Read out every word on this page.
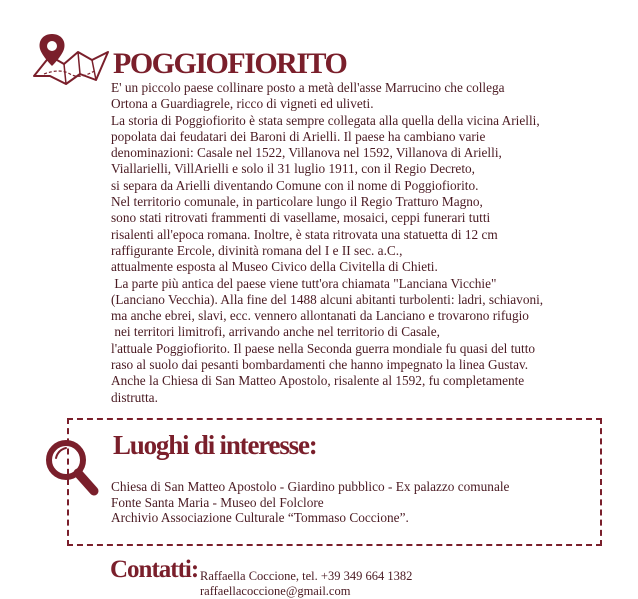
POGGIOFIORITO
E' un piccolo paese collinare posto a metà dell'asse Marrucino che collega
Ortona a Guardiagrele, ricco di vigneti ed uliveti.
La storia di Poggiofiorito è stata sempre collegata alla quella della vicina Arielli,
popolata dai feudatari dei Baroni di Arielli. Il paese ha cambiano varie
denominazioni: Casale nel 1522, Villanova nel 1592, Villanova di Arielli,
Viallarielli, VillArielli e solo il 31 luglio 1911, con il Regio Decreto,
si separa da Arielli diventando Comune con il nome di Poggiofiorito.
Nel territorio comunale, in particolare lungo il Regio Tratturo Magno,
sono stati ritrovati frammenti di vasellame, mosaici, ceppi funerari tutti
risalenti all'epoca romana. Inoltre, è stata ritrovata una statuetta di 12 cm
raffigurante Ercole, divinità romana del I e II sec. a.C.,
attualmente esposta al Museo Civico della Civitella di Chieti.
La parte più antica del paese viene tutt'ora chiamata "Lanciana Vicchie"
(Lanciano Vecchia). Alla fine del 1488 alcuni abitanti turbolenti: ladri, schiavoni,
ma anche ebrei, slavi, ecc. vennero allontanati da Lanciano e trovarono rifugio
nei territori limitrofi, arrivando anche nel territorio di Casale,
l'attuale Poggiofiorito. Il paese nella Seconda guerra mondiale fu quasi del tutto
raso al suolo dai pesanti bombardamenti che hanno impegnato la linea Gustav.
Anche la Chiesa di San Matteo Apostolo, risalente al 1592, fu completamente
distrutta.
Luoghi di interesse:
Chiesa di San Matteo Apostolo - Giardino pubblico - Ex palazzo comunale
Fonte Santa Maria - Museo del Folclore
Archivio Associazione Culturale “Tommaso Coccione”.
Contatti: Raffaella Coccione, tel. +39 349 664 1382
raffaellacoccione@gmail.com
